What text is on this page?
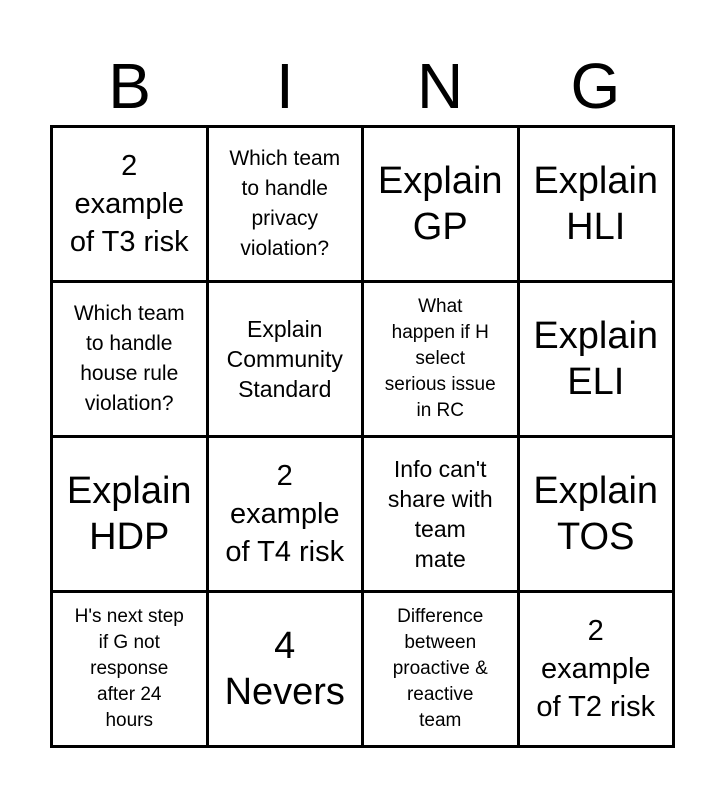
B	I	N	G
2
example
of T3 risk
Which team
to handle
privacy
violation?
Explain
GP
Explain
HLI
Which team
to handle
house rule
violation?
Explain
Community
Standard
What
happen if H
select
serious issue
in RC
Explain
ELI
Explain
HDP
2
example
of T4 risk
Info can't
share with
team
mate
Explain
TOS
H's next step
if G not
response
after 24
hours
4
Nevers
Difference
between
proactive &
reactive
team
2
example
of T2 risk
